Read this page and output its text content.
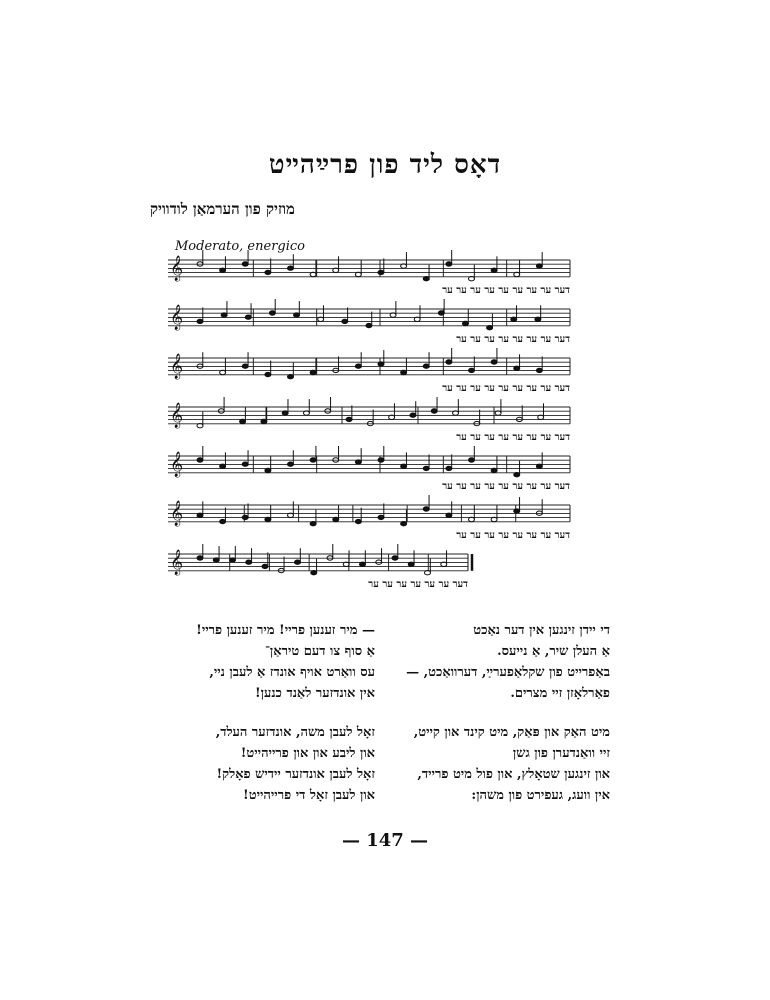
דאָס ליד פון פרײַהײט
מוזיק פון הערמאַן לודוויק
Moderato, energico
𝄞
𝄞
𝄞
𝄞
𝄞
𝄞
𝄞
דער ער ער ער ער ער ער ער ער
דער ער ער ער ער ער ער ער
דער ער ער ער ער ער ער ער ער
דער ער ער ער ער ער ער ער
דער ער ער ער ער ער ער ער ער
דער ער ער ער ער ער ער ער
דער ער ער ער ער ער ער
די יידן זינגען אין דער נאַכט
אַ העלן שיר, אַ נייעס.
באַפרייט פון שקלאַפערײַ, דערוואַכט, —
פאַרלאָזן זיי מצרים.
מיט האַק און פּאַק, מיט קינד און קייט,
זיי וואַנדערן פון גשן
און זינגען שטאָלץ, און פול מיט פרייד,
אין וועג, געפירט פון משהן:
— מיר זענען פריי! מיר זענען פריי!
אַ סוף צו דעם טיראַן־
עס וואַרט אויף אונדז אַ לעבן ניי,
אין אונדזער לאַנד כנען!
זאָל לעבן משה, אונדזער העלד,
און ליבע און און פרייהייט!
זאָל לעבן אונדזער יידיש פאָלק!
און לעבן זאָל די פרייהייט!
— 147 —
